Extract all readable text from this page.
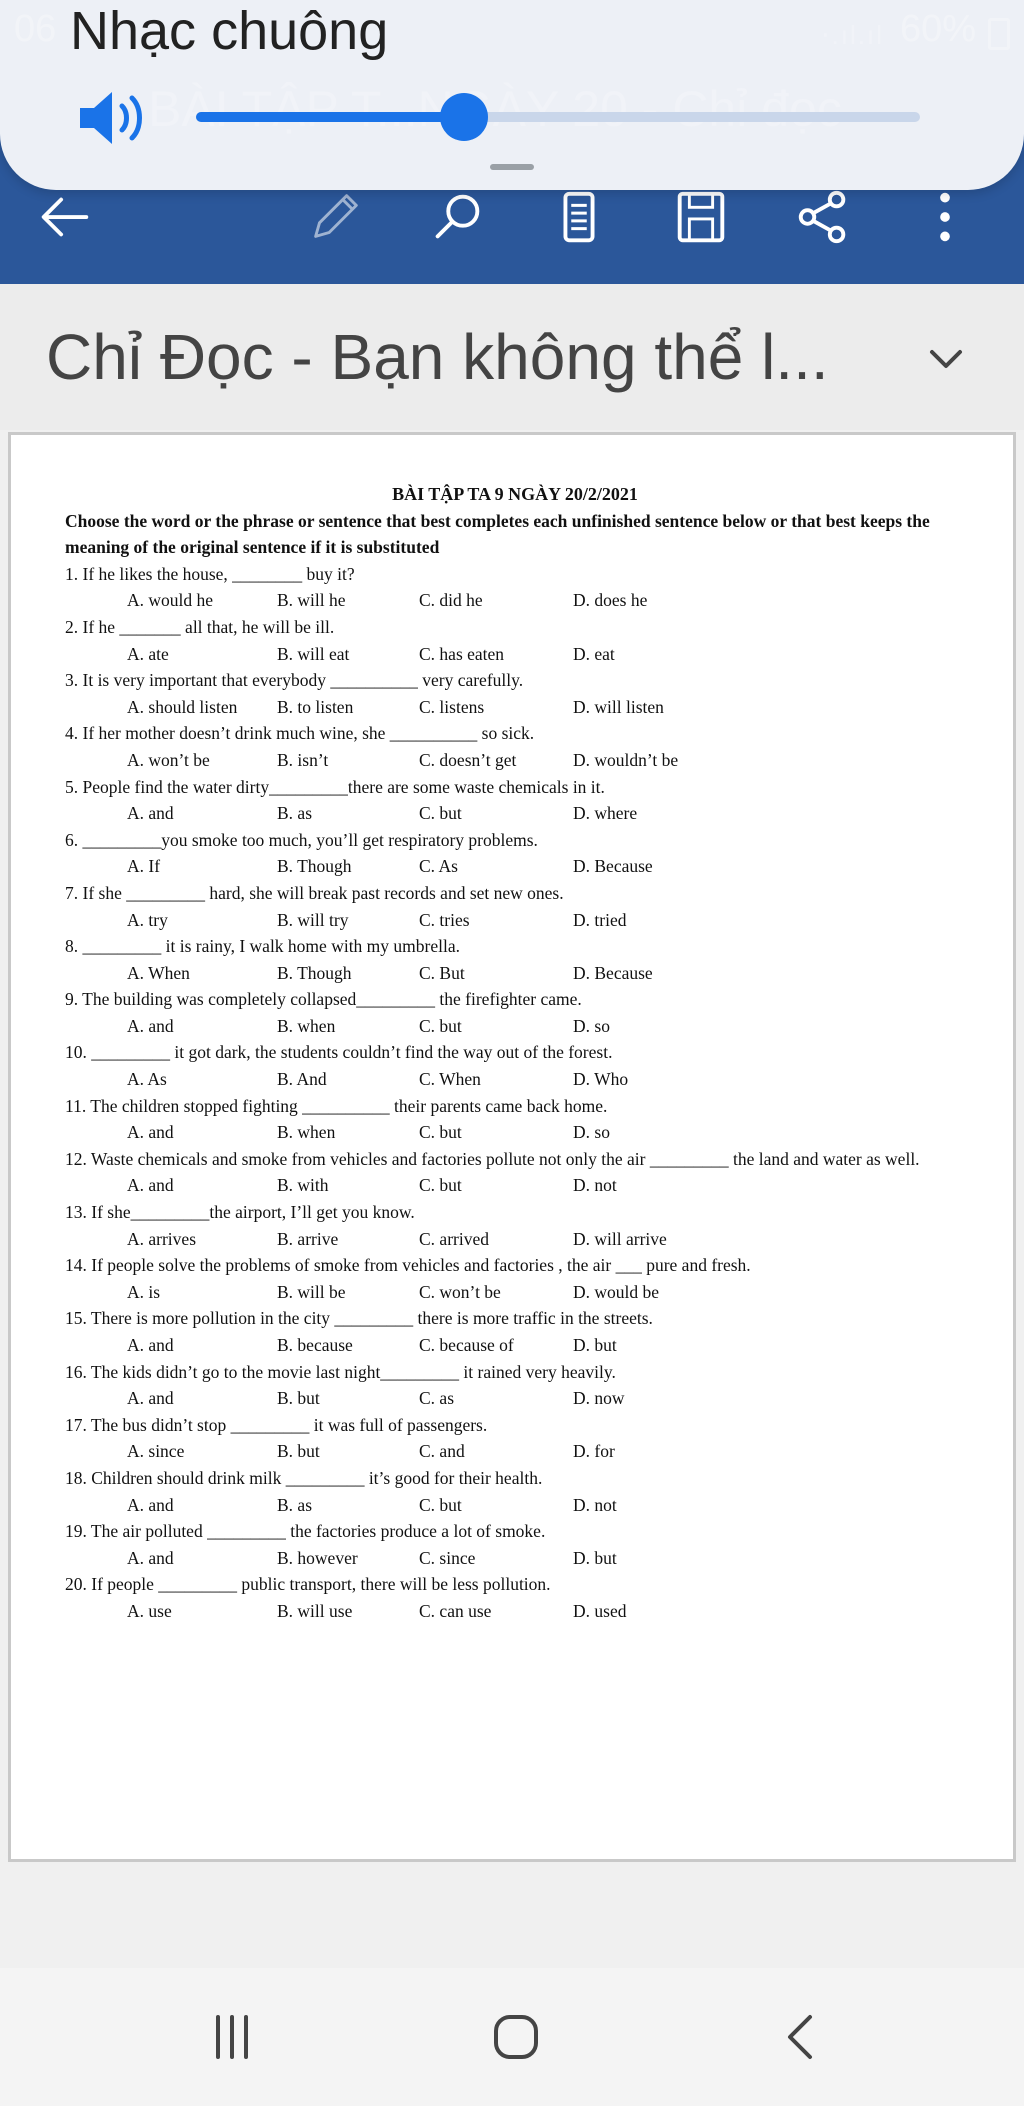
Nhạc chuông
Chỉ Đọc - Bạn không thể l...
BÀI TẬP TA 9 NGÀY 20/2/2021
Choose the word or the phrase or sentence that best completes each unfinished sentence below or that best keeps the meaning of the original sentence if it is substituted
1. If he likes the house, ________ buy it?
A. would he	B. will he	C. did he	D. does he
2. If he _______ all that, he will be ill.
A. ate	B. will eat	C. has eaten	D. eat
3. It is very important that everybody __________ very carefully.
A. should listen B. to listen	C. listens	D. will listen
4. If her mother doesn’t drink much wine, she __________ so sick.
A. won’t be	B. isn’t	C. doesn’t get	D. wouldn’t be
5. People find the water dirty_________there are some waste chemicals in it.
A. and	B. as	C. but	D. where
6. _________you smoke too much, you’ll get respiratory problems.
A. If	B. Though	C. As	D. Because
7. If she _________ hard, she will break past records and set new ones.
A. try	B. will try	C. tries	D. tried
8. _________ it is rainy, I walk home with my umbrella.
A. When	B. Though	C. But	D. Because
9. The building was completely collapsed_________ the firefighter came.
A. and	B. when	C. but	D. so
10. _________ it got dark, the students couldn’t find the way out of the forest.
A. As	B. And	C. When	D. Who
11. The children stopped fighting __________ their parents came back home.
A. and	B. when	C. but	D. so
12. Waste chemicals and smoke from vehicles and factories pollute not only the air _________ the land and water as well.
A. and	B. with	C. but	D. not
13. If she_________the airport, I’ll get you know.
A. arrives	B. arrive	C. arrived	D. will arrive
14. If people solve the problems of smoke from vehicles and factories , the air ___ pure and fresh.
A. is	B. will be	C. won’t be	D. would be
15. There is more pollution in the city _________ there is more traffic in the streets.
A. and	B. because	C. because of	D. but
16. The kids didn’t go to the movie last night_________ it rained very heavily.
A. and	B. but	C. as	D. now
17. The bus didn’t stop _________ it was full of passengers.
A. since	B. but	C. and	D. for
18. Children should drink milk _________ it’s good for their health.
A. and	B. as	C. but	D. not
19. The air polluted _________ the factories produce a lot of smoke.
A. and	B. however	C. since	D. but
20. If people _________ public transport, there will be less pollution.
A. use	B. will use	C. can use	D. used
